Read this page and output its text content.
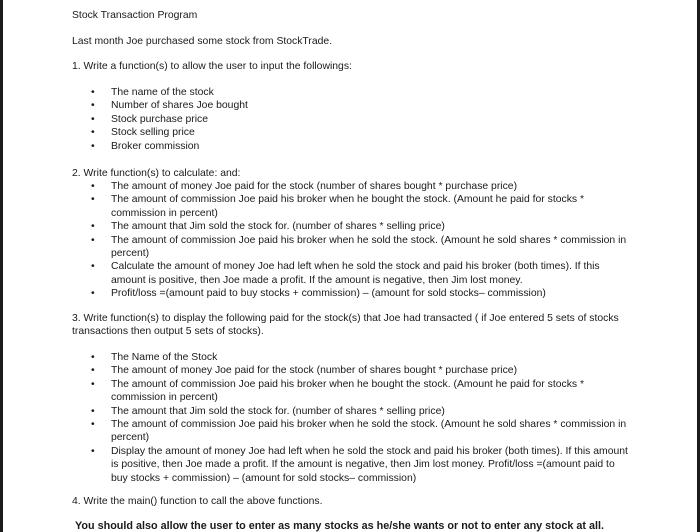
Stock Transaction Program
Last month Joe purchased some stock from StockTrade.
1. Write a function(s) to allow the user to input the followings:
• The name of the stock
• Number of shares Joe bought
• Stock purchase price
• Stock selling price
• Broker commission
2. Write function(s) to calculate: and:
• The amount of money Joe paid for the stock (number of shares bought * purchase price)
• The amount of commission Joe paid his broker when he bought the stock. (Amount he paid for stocks * commission in percent)
• The amount that Jim sold the stock for. (number of shares * selling price)
• The amount of commission Joe paid his broker when he sold the stock. (Amount he sold shares * commission in percent)
• Calculate the amount of money Joe had left when he sold the stock and paid his broker (both times). If this amount is positive, then Joe made a profit. If the amount is negative, then Jim lost money.
• Profit/loss =(amount paid to buy stocks + commission) – (amount for sold stocks– commission)
3. Write function(s) to display the following paid for the stock(s) that Joe had transacted ( if Joe entered 5 sets of stocks transactions then output 5 sets of stocks).
• The Name of the Stock
• The amount of money Joe paid for the stock (number of shares bought * purchase price)
• The amount of commission Joe paid his broker when he bought the stock. (Amount he paid for stocks * commission in percent)
• The amount that Jim sold the stock for. (number of shares * selling price)
• The amount of commission Joe paid his broker when he sold the stock. (Amount he sold shares * commission in percent)
• Display the amount of money Joe had left when he sold the stock and paid his broker (both times). If this amount is positive, then Joe made a profit. If the amount is negative, then Jim lost money. Profit/loss =(amount paid to buy stocks + commission) – (amount for sold stocks– commission)
4. Write the main() function to call the above functions.
You should also allow the user to enter as many stocks as he/she wants or not to enter any stock at all.
